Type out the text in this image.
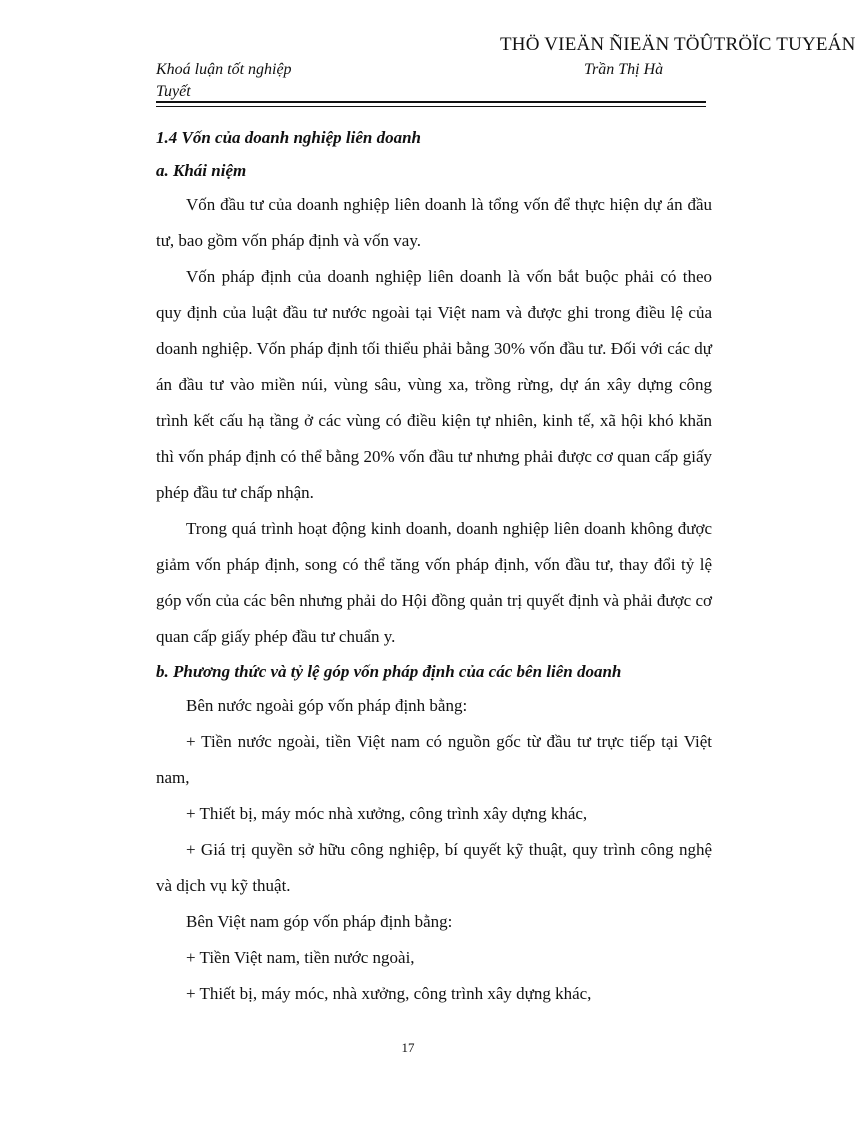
THÖ VIEÄN ÑIEÄN TÖÛTRÖÏC TUYEÁN
Khoá luận tốt nghiệp
Tuyết
Trần Thị Hà
1.4 Vốn của doanh nghiệp liên doanh
a. Khái niệm
Vốn đầu tư của doanh nghiệp liên doanh là tổng vốn để thực hiện dự án đầu tư, bao gồm vốn pháp định và vốn vay.
Vốn pháp định của doanh nghiệp liên doanh là vốn bắt buộc phải có theo quy định của luật đầu tư nước ngoài tại Việt nam và được ghi trong điều lệ của doanh nghiệp. Vốn pháp định tối thiểu phải bằng 30% vốn đầu tư. Đối với các dự án đầu tư vào miền núi, vùng sâu, vùng xa, trồng rừng, dự án xây dựng công trình kết cấu hạ tầng ở các vùng có điều kiện tự nhiên, kinh tế, xã hội khó khăn thì vốn pháp định có thể bằng 20% vốn đầu tư nhưng phải được cơ quan cấp giấy phép đầu tư chấp nhận.
Trong quá trình hoạt động kinh doanh, doanh nghiệp liên doanh không được giảm vốn pháp định, song có thể tăng vốn pháp định, vốn đầu tư, thay đổi tỷ lệ góp vốn của các bên nhưng phải do Hội đồng quản trị quyết định và phải được cơ quan cấp giấy phép đầu tư chuẩn y.
b. Phương thức và tỷ lệ góp vốn pháp định của các bên liên doanh
Bên nước ngoài góp vốn pháp định bằng:
+ Tiền nước ngoài, tiền Việt nam có nguồn gốc từ đầu tư trực tiếp tại Việt nam,
+ Thiết bị, máy móc nhà xưởng, công trình xây dựng khác,
+ Giá trị quyền sở hữu công nghiệp, bí quyết kỹ thuật, quy trình công nghệ và dịch vụ kỹ thuật.
Bên Việt nam góp vốn pháp định bằng:
+ Tiền Việt nam, tiền nước ngoài,
+ Thiết bị, máy móc, nhà xưởng, công trình xây dựng khác,
17
